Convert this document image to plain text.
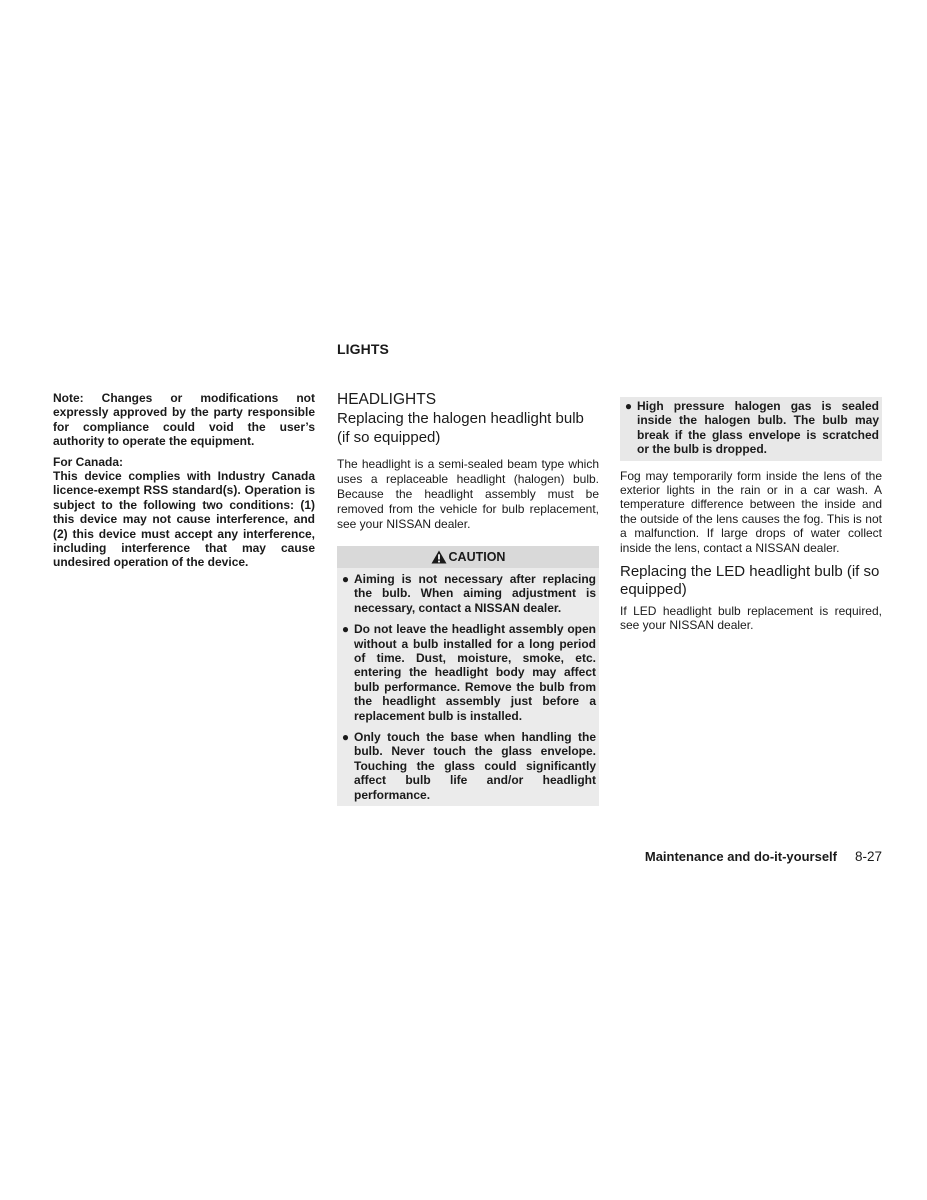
LIGHTS

Note: Changes or modifications not expressly approved by the party responsible for compliance could void the user’s authority to operate the equipment.

For Canada:

This device complies with Industry Canada licence-exempt RSS standard(s). Operation is subject to the following two conditions: (1) this device may not cause interference, and (2) this device must accept any interference, including interference that may cause undesired operation of the device.

HEADLIGHTS
Replacing the halogen headlight bulb (if so equipped)

The headlight is a semi-sealed beam type which uses a replaceable headlight (halogen) bulb. Because the headlight assembly must be removed from the vehicle for bulb replacement, see your NISSAN dealer.

CAUTION
● Aiming is not necessary after replacing the bulb. When aiming adjustment is necessary, contact a NISSAN dealer.
● Do not leave the headlight assembly open without a bulb installed for a long period of time. Dust, moisture, smoke, etc. entering the headlight body may affect bulb performance. Remove the bulb from the headlight assembly just before a replacement bulb is installed.
● Only touch the base when handling the bulb. Never touch the glass envelope. Touching the glass could significantly affect bulb life and/or headlight performance.
● High pressure halogen gas is sealed inside the halogen bulb. The bulb may break if the glass envelope is scratched or the bulb is dropped.

Fog may temporarily form inside the lens of the exterior lights in the rain or in a car wash. A temperature difference between the inside and the outside of the lens causes the fog. This is not a malfunction. If large drops of water collect inside the lens, contact a NISSAN dealer.

Replacing the LED headlight bulb (if so equipped)

If LED headlight bulb replacement is required, see your NISSAN dealer.

Maintenance and do-it-yourself 8-27
